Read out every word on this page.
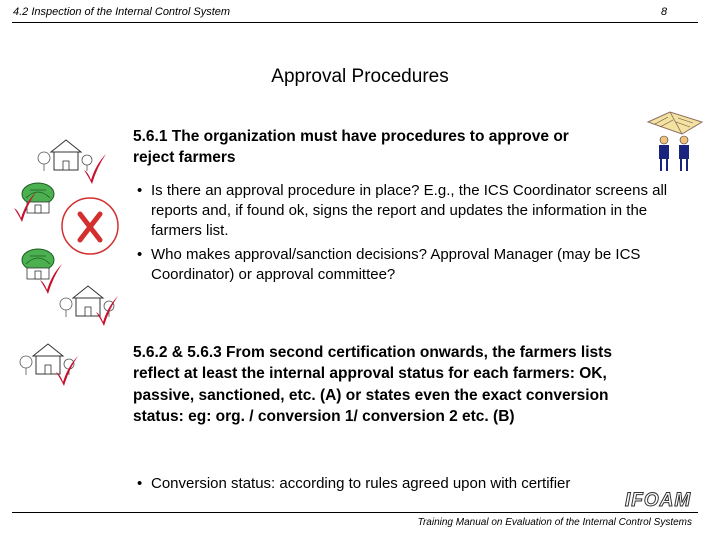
4.2 Inspection of the Internal Control System	8
Approval Procedures
5.6.1 The organization must have procedures to approve or reject farmers
• Is there an approval procedure in place? E.g., the ICS Coordinator screens all reports and, if found ok, signs the report and updates the information in the farmers list.
• Who makes approval/sanction decisions? Approval Manager (may be ICS Coordinator) or approval committee?
5.6.2 & 5.6.3 From second certification onwards, the farmers lists reflect at least the internal approval status for each farmers: OK, passive, sanctioned, etc. (A) or states even the exact conversion status: eg: org. / conversion 1/ conversion 2 etc. (B)
• Conversion status: according to rules agreed upon with certifier
IFOAM
Training Manual on Evaluation of the Internal Control Systems
